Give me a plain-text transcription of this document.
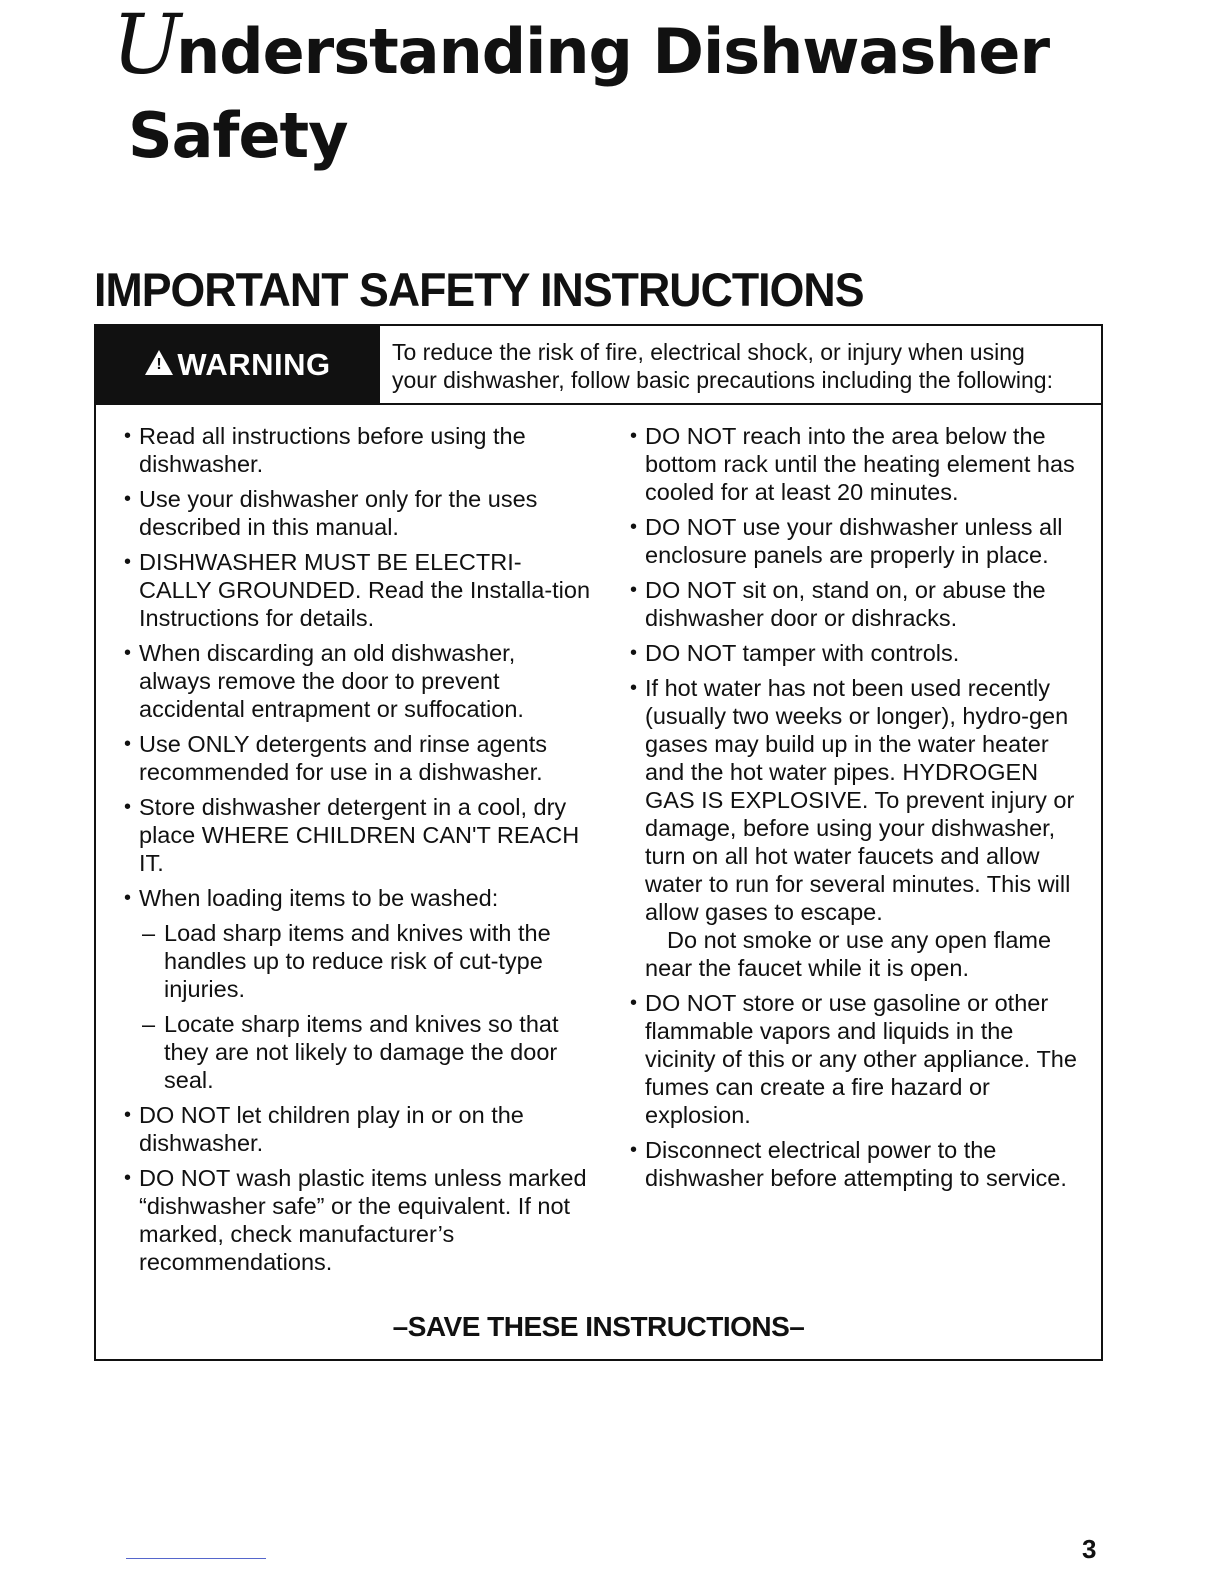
Understanding Dishwasher
Safety
IMPORTANT SAFETY INSTRUCTIONS
! WARNING	To reduce the risk of fire, electrical shock, or injury when using
your dishwasher, follow basic precautions including the following:
• Read all instructions before using the dishwasher.
• Use your dishwasher only for the uses described in this manual.
• DISHWASHER MUST BE ELECTRI-CALLY GROUNDED. Read the Installa-tion Instructions for details.
• When discarding an old dishwasher, always remove the door to prevent accidental entrapment or suffocation.
• Use ONLY detergents and rinse agents recommended for use in a dishwasher.
• Store dishwasher detergent in a cool, dry place WHERE CHILDREN CAN'T REACH IT.
• When loading items to be washed:
– Load sharp items and knives with the handles up to reduce risk of cut-type injuries.
– Locate sharp items and knives so that they are not likely to damage the door seal.
• DO NOT let children play in or on the dishwasher.
• DO NOT wash plastic items unless marked “dishwasher safe” or the equivalent. If not marked, check manufacturer’s recommendations.
• DO NOT reach into the area below the bottom rack until the heating element has cooled for at least 20 minutes.
• DO NOT use your dishwasher unless all enclosure panels are properly in place.
• DO NOT sit on, stand on, or abuse the dishwasher door or dishracks.
• DO NOT tamper with controls.
• If hot water has not been used recently (usually two weeks or longer), hydro-gen gases may build up in the water heater and the hot water pipes. HYDROGEN GAS IS EXPLOSIVE. To prevent injury or damage, before using your dishwasher, turn on all hot water faucets and allow water to run for several minutes. This will allow gases to escape.
Do not smoke or use any open flame near the faucet while it is open.
• DO NOT store or use gasoline or other flammable vapors and liquids in the vicinity of this or any other appliance. The fumes can create a fire hazard or explosion.
• Disconnect electrical power to the dishwasher before attempting to service.
–SAVE THESE INSTRUCTIONS–
3
